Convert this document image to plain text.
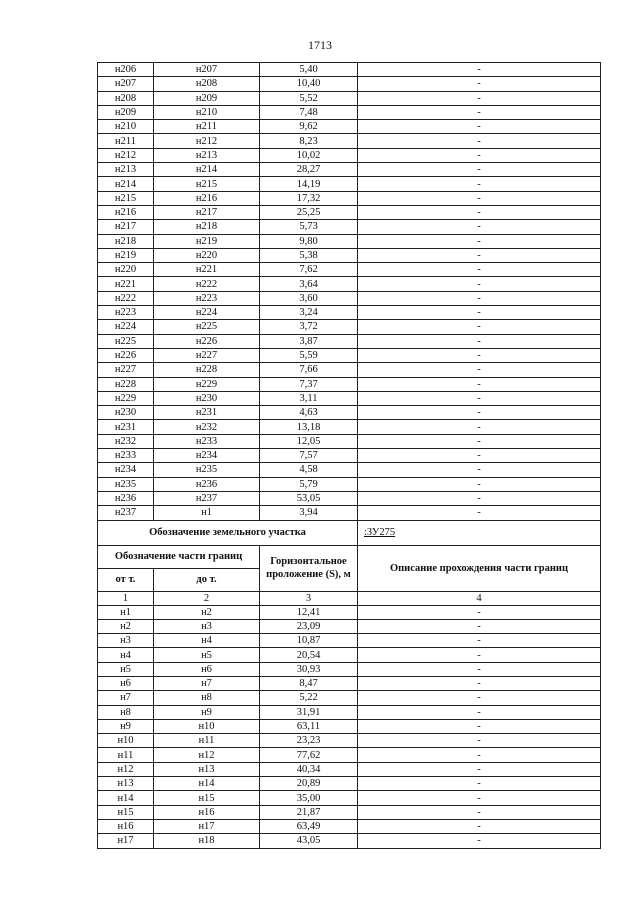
1713
н206	н207	5,40	-
н207	н208	10,40	-
н208	н209	5,52	-
н209	н210	7,48	-
н210	н211	9,62	-
н211	н212	8,23	-
н212	н213	10,02	-
н213	н214	28,27	-
н214	н215	14,19	-
н215	н216	17,32	-
н216	н217	25,25	-
н217	н218	5,73	-
н218	н219	9,80	-
н219	н220	5,38	-
н220	н221	7,62	-
н221	н222	3,64	-
н222	н223	3,60	-
н223	н224	3,24	-
н224	н225	3,72	-
н225	н226	3,87	-
н226	н227	5,59	-
н227	н228	7,66	-
н228	н229	7,37	-
н229	н230	3,11	-
н230	н231	4,63	-
н231	н232	13,18	-
н232	н233	12,05	-
н233	н234	7,57	-
н234	н235	4,58	-
н235	н236	5,79	-
н236	н237	53,05	-
н237	н1	3,94	-
Обозначение земельного участка			:ЗУ275
Обозначение части границ		Горизонтальное проложение (S), м	Описание прохождения части границ
от т.	до т.		
1	2	3	4
н1	н2	12,41	-
н2	н3	23,09	-
н3	н4	10,87	-
н4	н5	20,54	-
н5	н6	30,93	-
н6	н7	8,47	-
н7	н8	5,22	-
н8	н9	31,91	-
н9	н10	63,11	-
н10	н11	23,23	-
н11	н12	77,62	-
н12	н13	40,34	-
н13	н14	20,89	-
н14	н15	35,00	-
н15	н16	21,87	-
н16	н17	63,49	-
н17	н18	43,05	-
